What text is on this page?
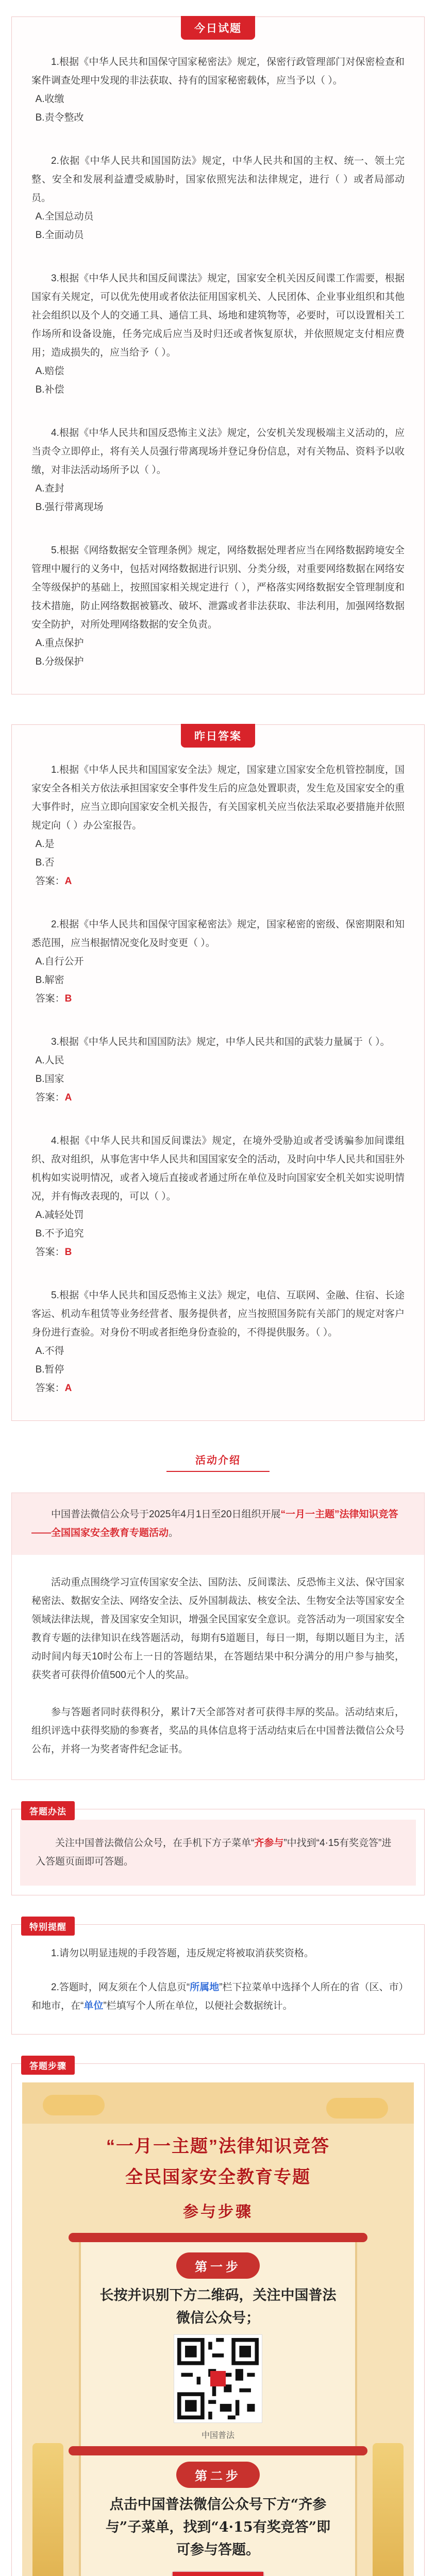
今日试题

1.根据《中华人民共和国保守国家秘密法》规定，保密行政管理部门对保密检查和案件调查处理中发现的非法获取、持有的国家秘密载体，应当予以（ ）。

A.收缴

B.责令整改

2.依据《中华人民共和国国防法》规定，中华人民共和国的主权、统一、领土完整、安全和发展利益遭受威胁时，国家依照宪法和法律规定，进行（ ）或者局部动员。

A.全国总动员

B.全面动员

3.根据《中华人民共和国反间谍法》规定，国家安全机关因反间谍工作需要，根据国家有关规定，可以优先使用或者依法征用国家机关、人民团体、企业事业组织和其他社会组织以及个人的交通工具、通信工具、场地和建筑物等，必要时，可以设置相关工作场所和设备设施，任务完成后应当及时归还或者恢复原状，并依照规定支付相应费用；造成损失的，应当给予（ ）。

A.赔偿

B.补偿

4.根据《中华人民共和国反恐怖主义法》规定，公安机关发现极端主义活动的，应当责令立即停止，将有关人员强行带离现场并登记身份信息，对有关物品、资料予以收缴，对非法活动场所予以（ ）。

A.查封

B.强行带离现场

5.根据《网络数据安全管理条例》规定，网络数据处理者应当在网络数据跨境安全管理中履行的义务中，包括对网络数据进行识别、分类分级，对重要网络数据在网络安全等级保护的基础上，按照国家相关规定进行（ ），严格落实网络数据安全管理制度和技术措施，防止网络数据被篡改、破坏、泄露或者非法获取、非法利用，加强网络数据安全防护，对所处理网络数据的安全负责。

A.重点保护

B.分级保护

昨日答案

1.根据《中华人民共和国国家安全法》规定，国家建立国家安全危机管控制度，国家安全各相关方依法承担国家安全事件发生后的应急处置职责，发生危及国家安全的重大事件时，应当立即向国家安全机关报告，有关国家机关应当依法采取必要措施并依照规定向（ ）办公室报告。

A.是

B.否

答案：A

2.根据《中华人民共和国保守国家秘密法》规定，国家秘密的密级、保密期限和知悉范围，应当根据情况变化及时变更（ ）。

A.自行公开

B.解密

答案：B

3.根据《中华人民共和国国防法》规定，中华人民共和国的武装力量属于（ ）。

A.人民

B.国家

答案：A

4.根据《中华人民共和国反间谍法》规定，在境外受胁迫或者受诱骗参加间谍组织、敌对组织，从事危害中华人民共和国国家安全的活动，及时向中华人民共和国驻外机构如实说明情况，或者入境后直接或者通过所在单位及时向国家安全机关如实说明情况，并有悔改表现的，可以（ ）。

A.减轻处罚

B.不予追究

答案：B

5.根据《中华人民共和国反恐怖主义法》规定，电信、互联网、金融、住宿、长途客运、机动车租赁等业务经营者、服务提供者，应当按照国务院有关部门的规定对客户身份进行查验。对身份不明或者拒绝身份查验的，不得提供服务。（ ）。

A.不得

B.暂停

答案：A

活动介绍

中国普法微信公众号于2025年4月1日至20日组织开展“一月一主题”法律知识竞答——全国国家安全教育专题活动。

活动重点围绕学习宣传国家安全法、国防法、反间谍法、反恐怖主义法、保守国家秘密法、数据安全法、网络安全法、反外国制裁法、核安全法、生物安全法等国家安全领域法律法规，普及国家安全知识，增强全民国家安全意识。竞答活动为一项国家安全教育专题的法律知识在线答题活动，每期有5道题目，每日一期，每期以题目为主，活动时间内每天10时公布上一日的答题结果，在答题结果中积分满分的用户参与抽奖，获奖者可获得价值500元个人的奖品。

参与答题者同时获得积分，累计7天全部答对者可获得丰厚的奖品。活动结束后，组织评选中获得奖励的参赛者，奖品的具体信息将于活动结束后在中国普法微信公众号公布，并将一为奖者寄件纪念证书。

答题办法

关注中国普法微信公众号，在手机下方子菜单“齐参与”中找到“4·15有奖竞答”进入答题页面即可答题。

特别提醒

1.请勿以明显违规的手段答题，违反规定将被取消获奖资格。

2.答题时，网友须在个人信息页“所属地”栏下拉菜单中选择个人所在的省（区、市）和地市，在“单位”栏填写个人所在单位，以便社会数据统计。

答题步骤
“一月一主题”法律知识竞答
全民国家安全教育专题
参与步骤
第一步
长按并识别下方二维码，关注中国普法微信公众号；
中国普法
第二步
点击中国普法微信公众号下方“齐参与”子菜单，找到“4·15有奖竞答”即可参与答题。
